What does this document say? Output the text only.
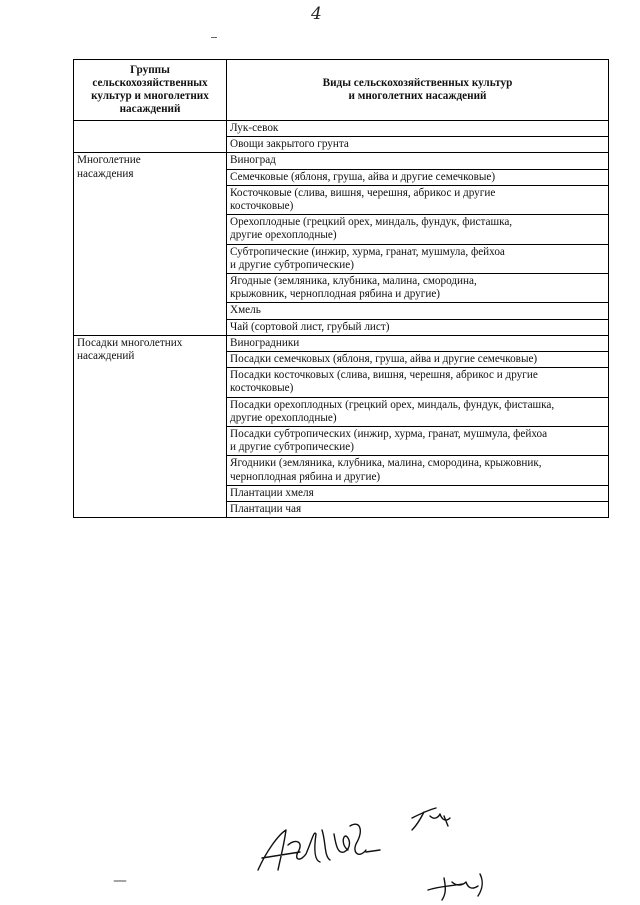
4
Группы
сельскохозяйственных
культур и многолетних
насаждений	Виды сельскохозяйственных культур
и многолетних насаждений
	Лук-севок
	Овощи закрытого грунта
Многолетние
насаждения	Виноград
	Семечковые (яблоня, груша, айва и другие семечковые)
	Косточковые (слива, вишня, черешня, абрикос и другие
косточковые)
	Орехоплодные (грецкий орех, миндаль, фундук, фисташка,
другие орехоплодные)
	Субтропические (инжир, хурма, гранат, мушмула, фейхоа
и другие субтропические)
	Ягодные (земляника, клубника, малина, смородина,
крыжовник, черноплодная рябина и другие)
	Хмель
	Чай (сортовой лист, грубый лист)
Посадки многолетних
насаждений	Виноградники
	Посадки семечковых (яблоня, груша, айва и другие семечковые)
	Посадки косточковых (слива, вишня, черешня, абрикос и другие
косточковые)
	Посадки орехоплодных (грецкий орех, миндаль, фундук, фисташка,
другие орехоплодные)
	Посадки субтропических (инжир, хурма, гранат, мушмула, фейхоа
и другие субтропические)
	Ягодники (земляника, клубника, малина, смородина, крыжовник,
черноплодная рябина и другие)
	Плантации хмеля
	Плантации чая
